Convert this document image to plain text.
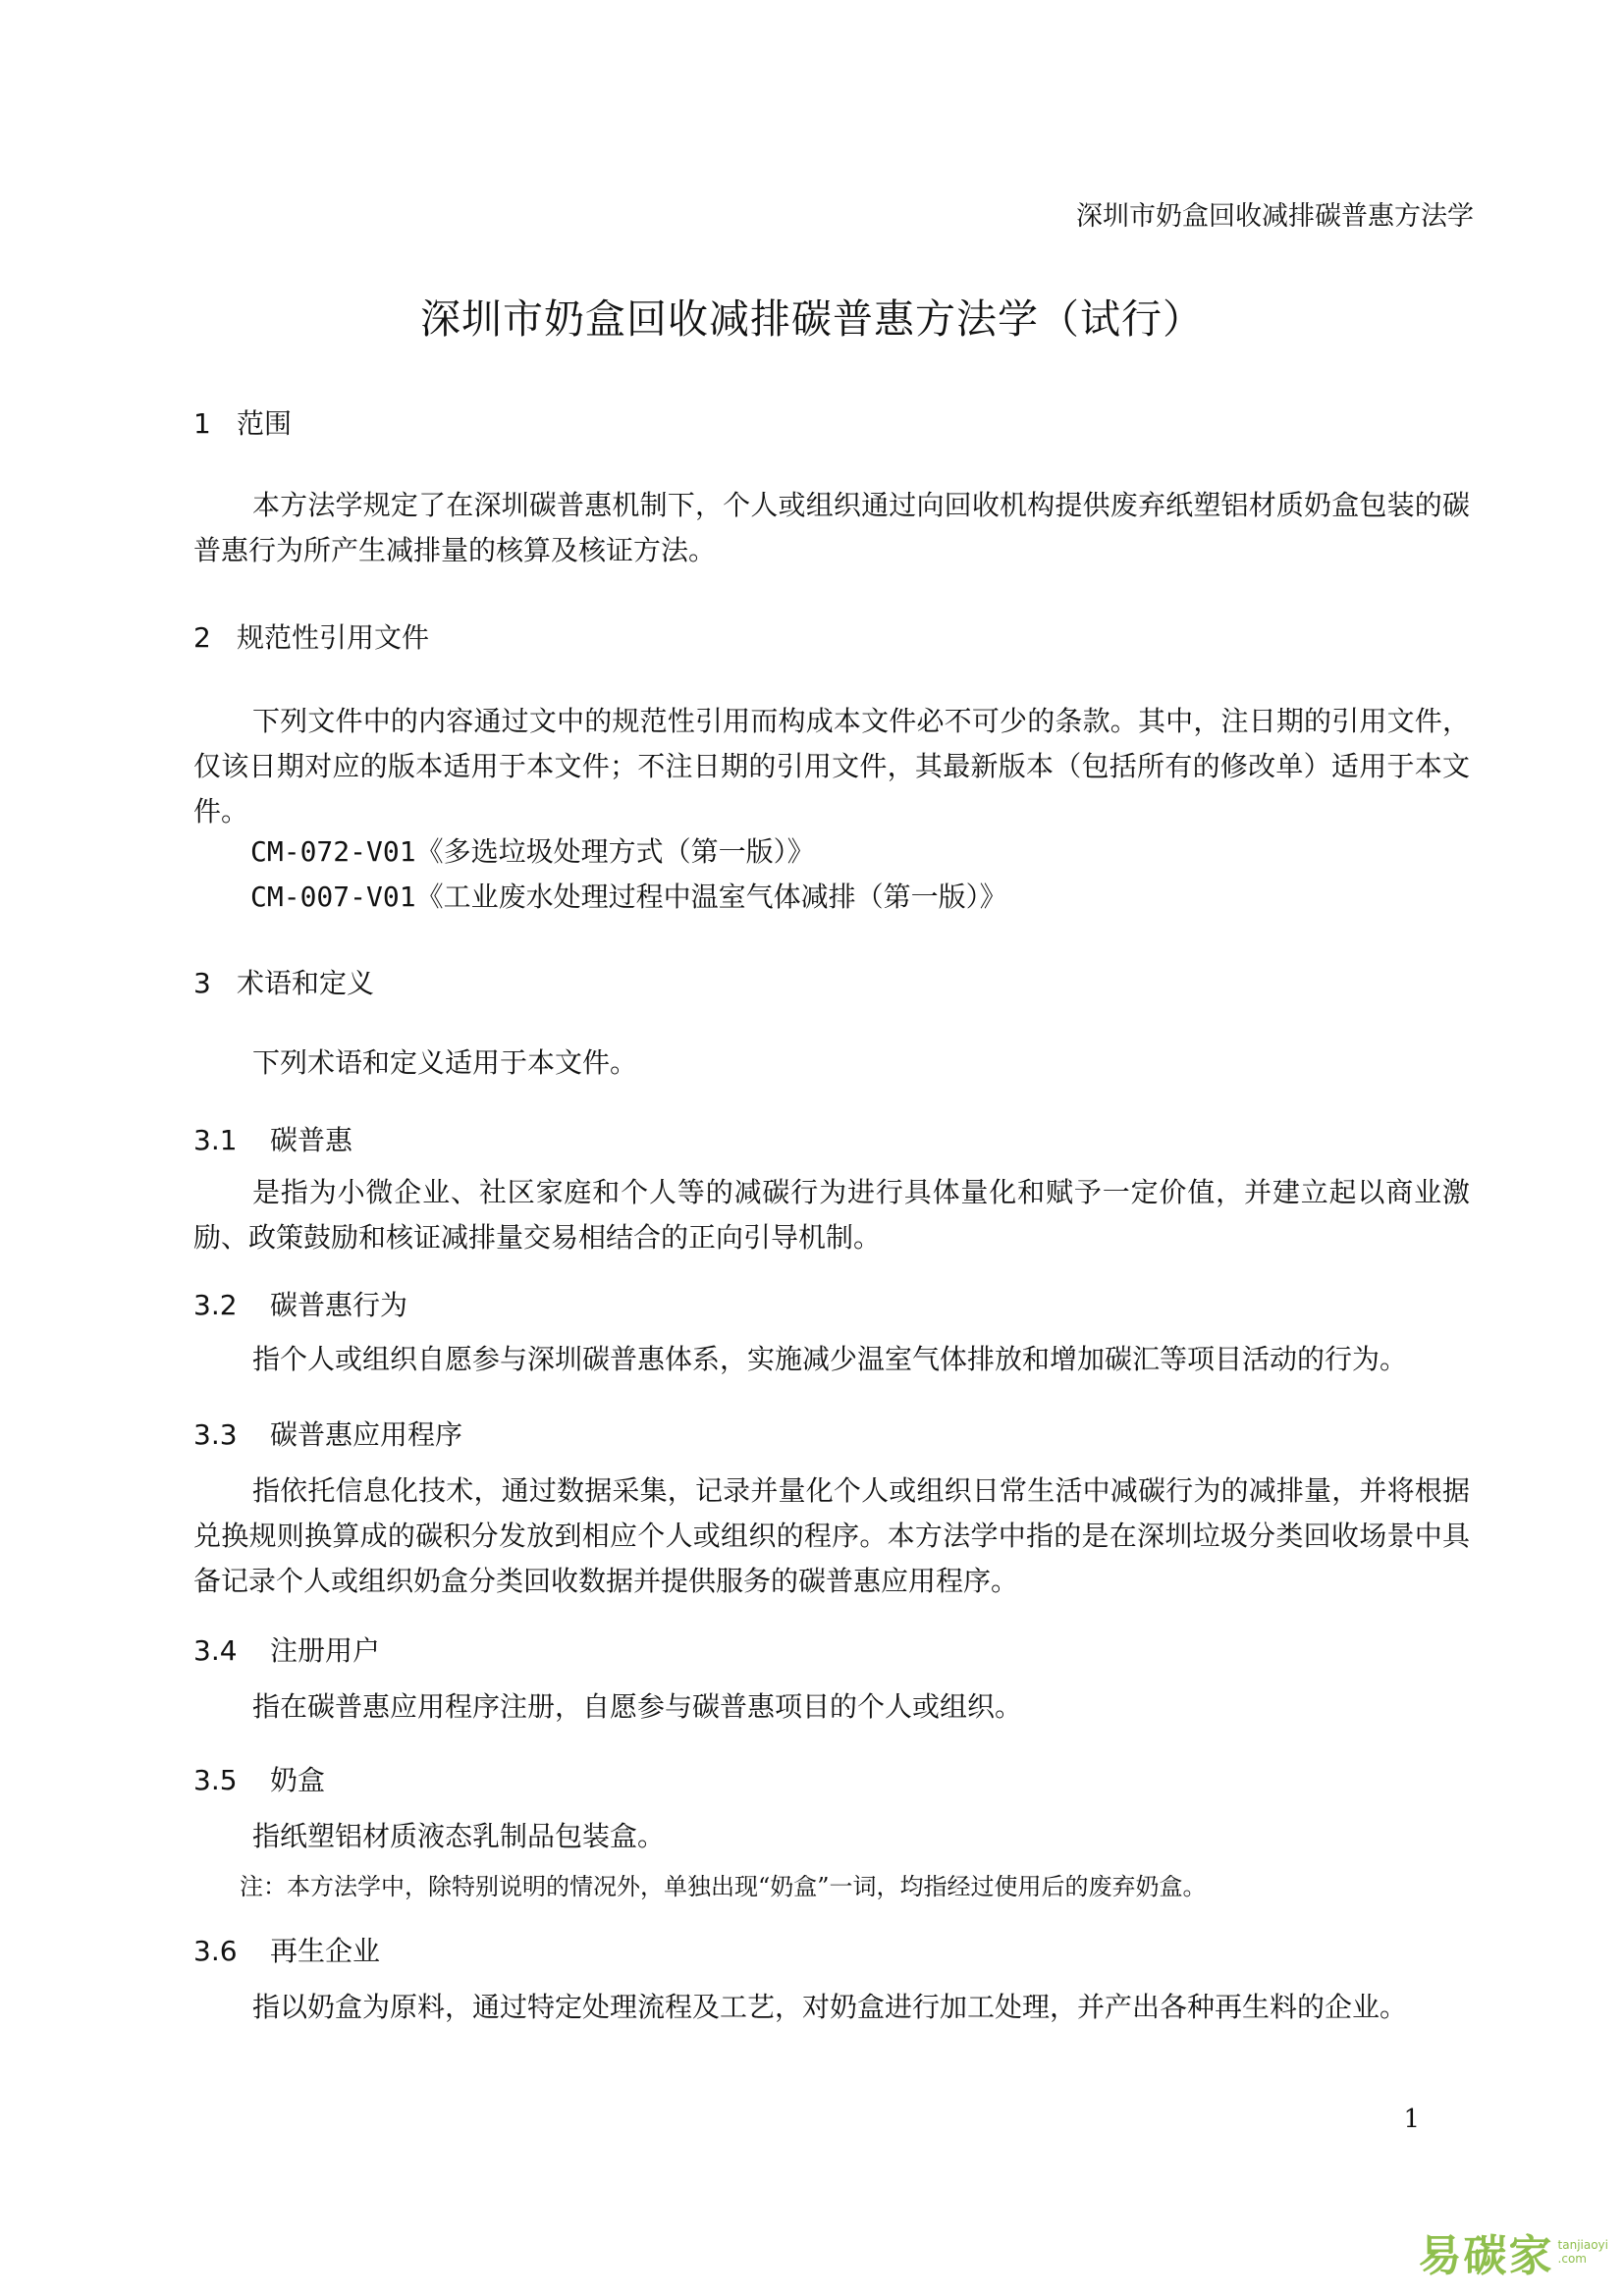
深圳市奶盒回收减排碳普惠方法学
深圳市奶盒回收减排碳普惠方法学（试行）
1 范围
本方法学规定了在深圳碳普惠机制下，个人或组织通过向回收机构提供废弃纸塑铝材质奶盒包装的碳普惠行为所产生减排量的核算及核证方法。
2 规范性引用文件
下列文件中的内容通过文中的规范性引用而构成本文件必不可少的条款。其中，注日期的引用文件，仅该日期对应的版本适用于本文件；不注日期的引用文件，其最新版本（包括所有的修改单）适用于本文件。
CM-072-V01《多选垃圾处理方式（第一版）》
CM-007-V01《工业废水处理过程中温室气体减排（第一版）》
3 术语和定义
下列术语和定义适用于本文件。
3.1 碳普惠
是指为小微企业、社区家庭和个人等的减碳行为进行具体量化和赋予一定价值，并建立起以商业激励、政策鼓励和核证减排量交易相结合的正向引导机制。
3.2 碳普惠行为
指个人或组织自愿参与深圳碳普惠体系，实施减少温室气体排放和增加碳汇等项目活动的行为。
3.3 碳普惠应用程序
指依托信息化技术，通过数据采集，记录并量化个人或组织日常生活中减碳行为的减排量，并将根据兑换规则换算成的碳积分发放到相应个人或组织的程序。本方法学中指的是在深圳垃圾分类回收场景中具备记录个人或组织奶盒分类回收数据并提供服务的碳普惠应用程序。
3.4 注册用户
指在碳普惠应用程序注册，自愿参与碳普惠项目的个人或组织。
3.5 奶盒
指纸塑铝材质液态乳制品包装盒。
注：本方法学中，除特别说明的情况外，单独出现“奶盒”一词，均指经过使用后的废弃奶盒。
3.6 再生企业
指以奶盒为原料，通过特定处理流程及工艺，对奶盒进行加工处理，并产出各种再生料的企业。
1
易碳家 tanjiaoyi
.com
